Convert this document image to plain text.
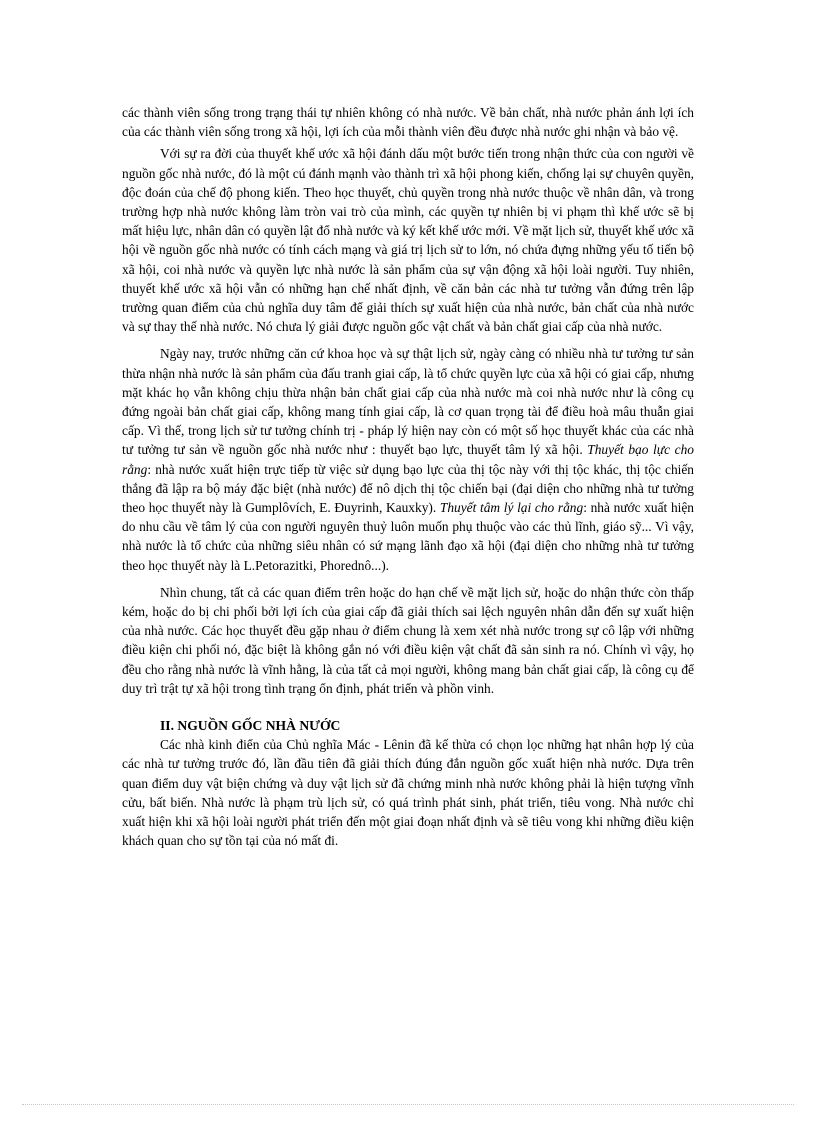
các thành viên sống trong trạng thái tự nhiên không có nhà nước. Về bản chất, nhà nước phản ánh lợi ích của các thành viên sống trong xã hội, lợi ích của mỗi thành viên đều được nhà nước ghi nhận và bảo vệ.

Với sự ra đời của thuyết khế ước xã hội đánh dấu một bước tiến trong nhận thức của con người về nguồn gốc nhà nước, đó là một cú đánh mạnh vào thành trì xã hội phong kiến, chống lại sự chuyên quyền, độc đoán của chế độ phong kiến. Theo học thuyết, chủ quyền trong nhà nước thuộc về nhân dân, và trong trường hợp nhà nước không làm tròn vai trò của mình, các quyền tự nhiên bị vi phạm thì khế ước sẽ bị mất hiệu lực, nhân dân có quyền lật đổ nhà nước và ký kết khế ước mới. Về mặt lịch sử, thuyết khế ước xã hội về nguồn gốc nhà nước có tính cách mạng và giá trị lịch sử to lớn, nó chứa đựng những yếu tố tiến bộ xã hội, coi nhà nước và quyền lực nhà nước là sản phẩm của sự vận động xã hội loài người. Tuy nhiên, thuyết khế ước xã hội vẫn có những hạn chế nhất định, về căn bản các nhà tư tưởng vẫn đứng trên lập trường quan điểm của chủ nghĩa duy tâm để giải thích sự xuất hiện của nhà nước, bản chất của nhà nước và sự thay thế nhà nước. Nó chưa lý giải được nguồn gốc vật chất và bản chất giai cấp của nhà nước.

Ngày nay, trước những căn cứ khoa học và sự thật lịch sử, ngày càng có nhiều nhà tư tưởng tư sản thừa nhận nhà nước là sản phẩm của đấu tranh giai cấp, là tổ chức quyền lực của xã hội có giai cấp, nhưng mặt khác họ vẫn không chịu thừa nhận bản chất giai cấp của nhà nước mà coi nhà nước như là công cụ đứng ngoài bản chất giai cấp, không mang tính giai cấp, là cơ quan trọng tài để điều hoà mâu thuẫn giai cấp. Vì thế, trong lịch sử tư tưởng chính trị - pháp lý hiện nay còn có một số học thuyết khác của các nhà tư tưởng tư sản về nguồn gốc nhà nước như : thuyết bạo lực, thuyết tâm lý xã hội. Thuyết bạo lực cho rằng: nhà nước xuất hiện trực tiếp từ việc sử dụng bạo lực của thị tộc này với thị tộc khác, thị tộc chiến thắng đã lập ra bộ máy đặc biệt (nhà nước) để nô dịch thị tộc chiến bại (đại diện cho những nhà tư tưởng theo học thuyết này là Gumplôvích, E. Đuyrinh, Kauxky). Thuyết tâm lý lại cho rằng: nhà nước xuất hiện do nhu cầu về tâm lý của con người nguyên thuỷ luôn muốn phụ thuộc vào các thủ lĩnh, giáo sỹ... Vì vậy, nhà nước là tổ chức của những siêu nhân có sứ mạng lãnh đạo xã hội (đại diện cho những nhà tư tưởng theo học thuyết này là L.Petorazitki, Phorednô...).

Nhìn chung, tất cả các quan điểm trên hoặc do hạn chế về mặt lịch sử, hoặc do nhận thức còn thấp kém, hoặc do bị chi phối bởi lợi ích của giai cấp đã giải thích sai lệch nguyên nhân dẫn đến sự xuất hiện của nhà nước. Các học thuyết đều gặp nhau ở điểm chung là xem xét nhà nước trong sự cô lập với những điều kiện chi phối nó, đặc biệt là không gắn nó với điều kiện vật chất đã sản sinh ra nó. Chính vì vậy, họ đều cho rằng nhà nước là vĩnh hằng, là của tất cả mọi người, không mang bản chất giai cấp, là công cụ để duy trì trật tự xã hội trong tình trạng ổn định, phát triển và phồn vinh.

II. NGUỒN GỐC NHÀ NƯỚC

Các nhà kinh điển của Chủ nghĩa Mác - Lênin đã kế thừa có chọn lọc những hạt nhân hợp lý của các nhà tư tưởng trước đó, lần đầu tiên đã giải thích đúng đắn nguồn gốc xuất hiện nhà nước. Dựa trên quan điểm duy vật biện chứng và duy vật lịch sử đã chứng minh nhà nước không phải là hiện tượng vĩnh cửu, bất biến. Nhà nước là phạm trù lịch sử, có quá trình phát sinh, phát triển, tiêu vong. Nhà nước chỉ xuất hiện khi xã hội loài người phát triển đến một giai đoạn nhất định và sẽ tiêu vong khi những điều kiện khách quan cho sự tồn tại của nó mất đi.
